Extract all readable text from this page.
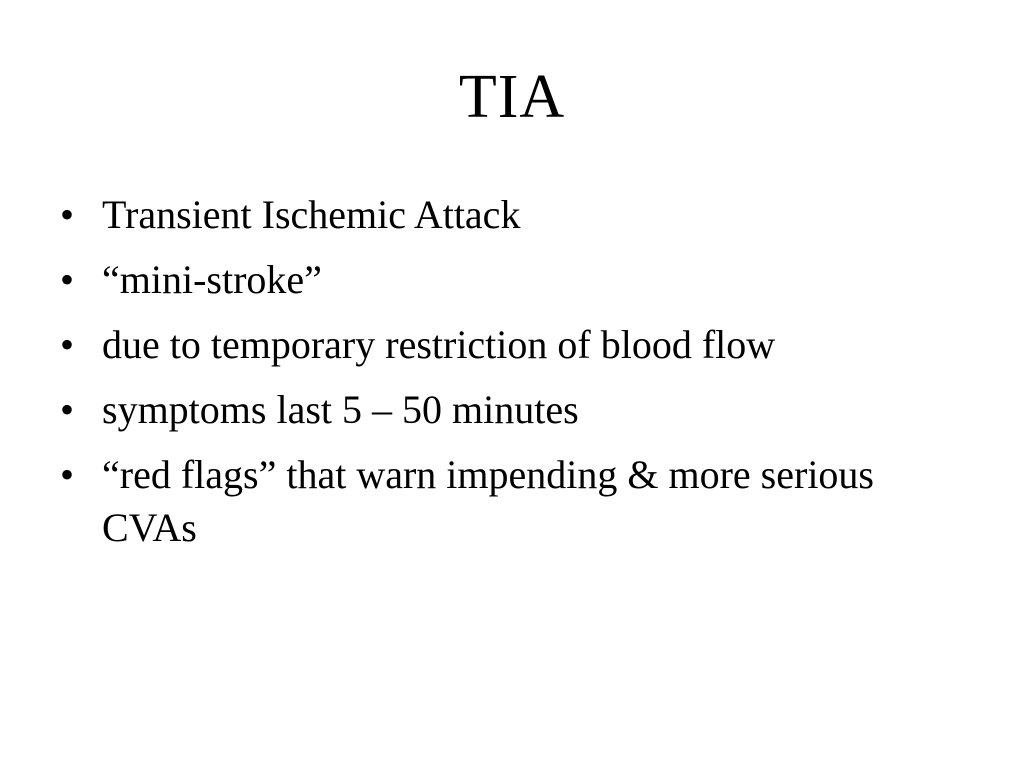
TIA
• Transient Ischemic Attack
• “mini-stroke”
• due to temporary restriction of blood flow
• symptoms last 5 – 50 minutes
• “red flags” that warn impending & more serious CVAs
